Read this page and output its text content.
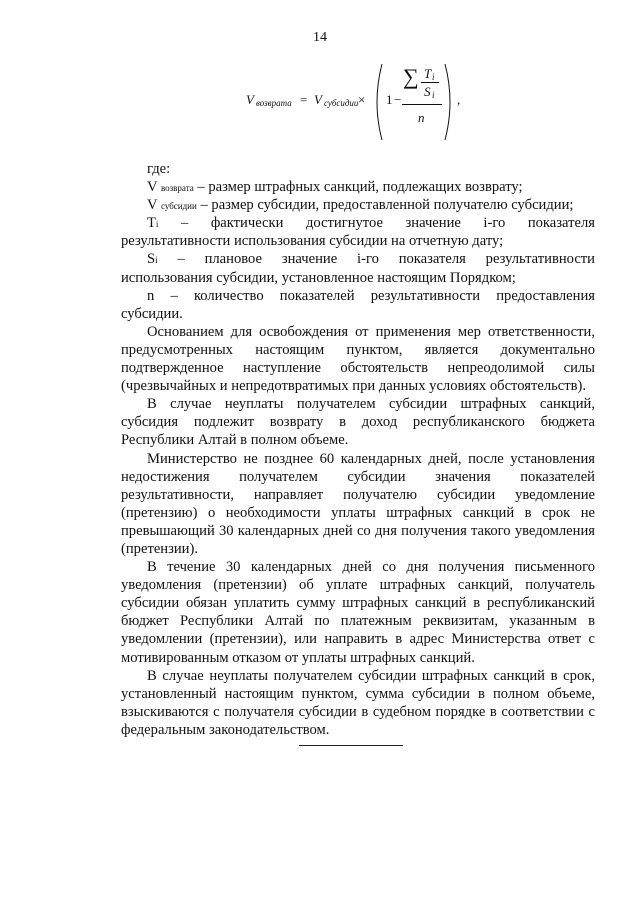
14
V возврата = V субсидии × 1 −
∑ T i
S i
n
,
где:
V возврата – размер штрафных санкций, подлежащих возврату;
V субсидии – размер субсидии, предоставленной получателю субсидии;
Ti – фактически достигнутое значение i-го показателя
результативности использования субсидии на отчетную дату;
Si – плановое значение i-го показателя результативности
использования субсидии, установленное настоящим Порядком;
n – количество показателей результативности предоставления
субсидии.
Основанием для освобождения от применения мер ответственности,
предусмотренных настоящим пунктом, является документально
подтвержденное наступление обстоятельств непреодолимой силы
(чрезвычайных и непредотвратимых при данных условиях обстоятельств).
В случае неуплаты получателем субсидии штрафных санкций,
субсидия подлежит возврату в доход республиканского бюджета
Республики Алтай в полном объеме.
Министерство не позднее 60 календарных дней, после установления
недостижения получателем субсидии значения показателей
результативности, направляет получателю субсидии уведомление
(претензию) о необходимости уплаты штрафных санкций в срок не
превышающий 30 календарных дней со дня получения такого уведомления
(претензии).
В течение 30 календарных дней со дня получения письменного
уведомления (претензии) об уплате штрафных санкций, получатель
субсидии обязан уплатить сумму штрафных санкций в республиканский
бюджет Республики Алтай по платежным реквизитам, указанным в
уведомлении (претензии), или направить в адрес Министерства ответ с
мотивированным отказом от уплаты штрафных санкций.
В случае неуплаты получателем субсидии штрафных санкций в срок,
установленный настоящим пунктом, сумма субсидии в полном объеме,
взыскиваются с получателя субсидии в судебном порядке в соответствии с
федеральным законодательством.
